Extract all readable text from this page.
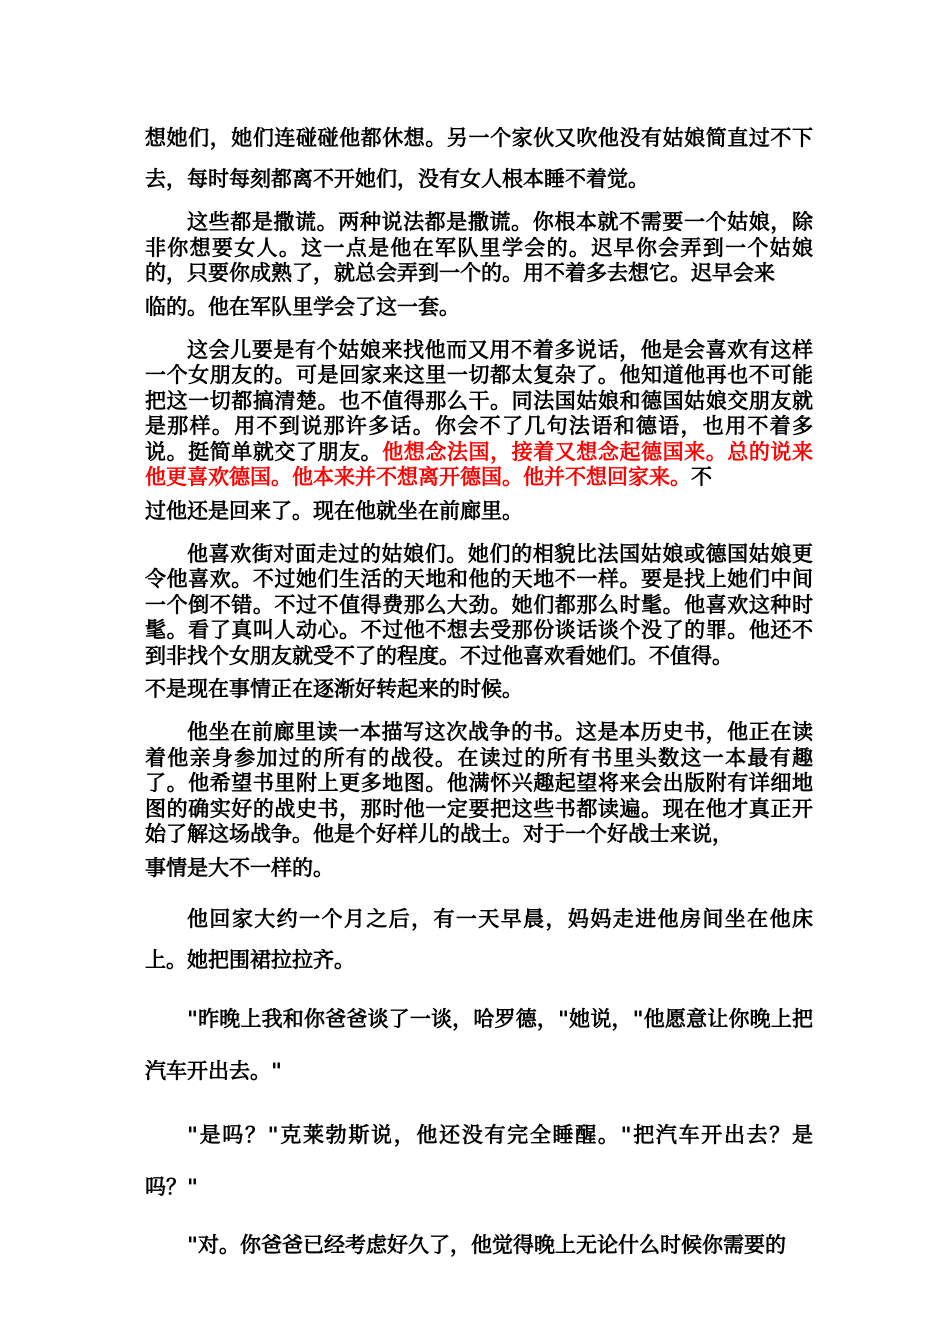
想她们，她们连碰碰他都休想。另一个家伙又吹他没有姑娘简直过不下去，每时每刻都离不开她们，没有女人根本睡不着觉。

这些都是撒谎。两种说法都是撒谎。你根本就不需要一个姑娘，除非你想要女人。这一点是他在军队里学会的。迟早你会弄到一个姑娘的，只要你成熟了，就总会弄到一个的。用不着多去想它。迟早会来

临的。他在军队里学会了这一套。

这会儿要是有个姑娘来找他而又用不着多说话，他是会喜欢有这样一个女朋友的。可是回家来这里一切都太复杂了。他知道他再也不可能把这一切都搞清楚。也不值得那么干。同法国姑娘和德国姑娘交朋友就是那样。用不到说那许多话。你会不了几句法语和德语，也用不着多说。挺简单就交了朋友。他想念法国，接着又想念起德国来。总的说来他更喜欢德国。他本来并不想离开德国。他并不想回家来。不

过他还是回来了。现在他就坐在前廊里。

他喜欢街对面走过的姑娘们。她们的相貌比法国姑娘或德国姑娘更令他喜欢。不过她们生活的天地和他的天地不一样。要是找上她们中间一个倒不错。不过不值得费那么大劲。她们都那么时髦。他喜欢这种时髦。看了真叫人动心。不过他不想去受那份谈话谈个没了的罪。他还不到非找个女朋友就受不了的程度。不过他喜欢看她们。不值得。

不是现在事情正在逐渐好转起来的时候。

他坐在前廊里读一本描写这次战争的书。这是本历史书，他正在读着他亲身参加过的所有的战役。在读过的所有书里头数这一本最有趣了。他希望书里附上更多地图。他满怀兴趣起望将来会出版附有详细地图的确实好的战史书，那时他一定要把这些书都读遍。现在他才真正开始了解这场战争。他是个好样儿的战士。对于一个好战士来说，

事情是大不一样的。

他回家大约一个月之后，有一天早晨，妈妈走进他房间坐在他床上。她把围裙拉拉齐。

"昨晚上我和你爸爸谈了一谈，哈罗德，"她说，"他愿意让你晚上把汽车开出去。"

"是吗？"克莱勃斯说，他还没有完全睡醒。"把汽车开出去？是吗？"

"对。你爸爸已经考虑好久了，他觉得晚上无论什么时候你需要的
